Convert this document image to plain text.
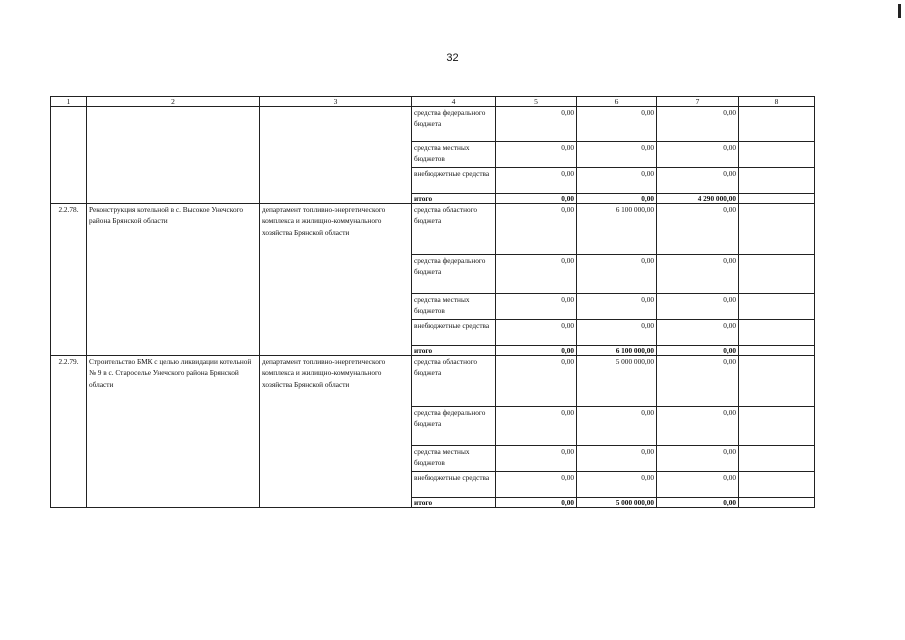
32
1	2	3	4	5	6	7	8
			средства федерального бюджета	0,00	0,00	0,00	
			средства местных бюджетов	0,00	0,00	0,00	
			внебюджетные средства	0,00	0,00	0,00	
			итого	0,00	0,00	4 290 000,00	
2.2.78.	Реконструкция котельной в с. Высокое Унечского района Брянской области	департамент топливно-энергетического комплекса и жилищно-коммунального хозяйства Брянской области	средства областного бюджета	0,00	6 100 000,00	0,00	
			средства федерального бюджета	0,00	0,00	0,00	
			средства местных бюджетов	0,00	0,00	0,00	
			внебюджетные средства	0,00	0,00	0,00	
			итого	0,00	6 100 000,00	0,00	
2.2.79.	Строительство БМК с целью ликвидации котельной № 9 в с. Староселье Унечского района Брянской области	департамент топливно-энергетического комплекса и жилищно-коммунального хозяйства Брянской области	средства областного бюджета	0,00	5 000 000,00	0,00	
			средства федерального бюджета	0,00	0,00	0,00	
			средства местных бюджетов	0,00	0,00	0,00	
			внебюджетные средства	0,00	0,00	0,00	
			итого	0,00	5 000 000,00	0,00	
